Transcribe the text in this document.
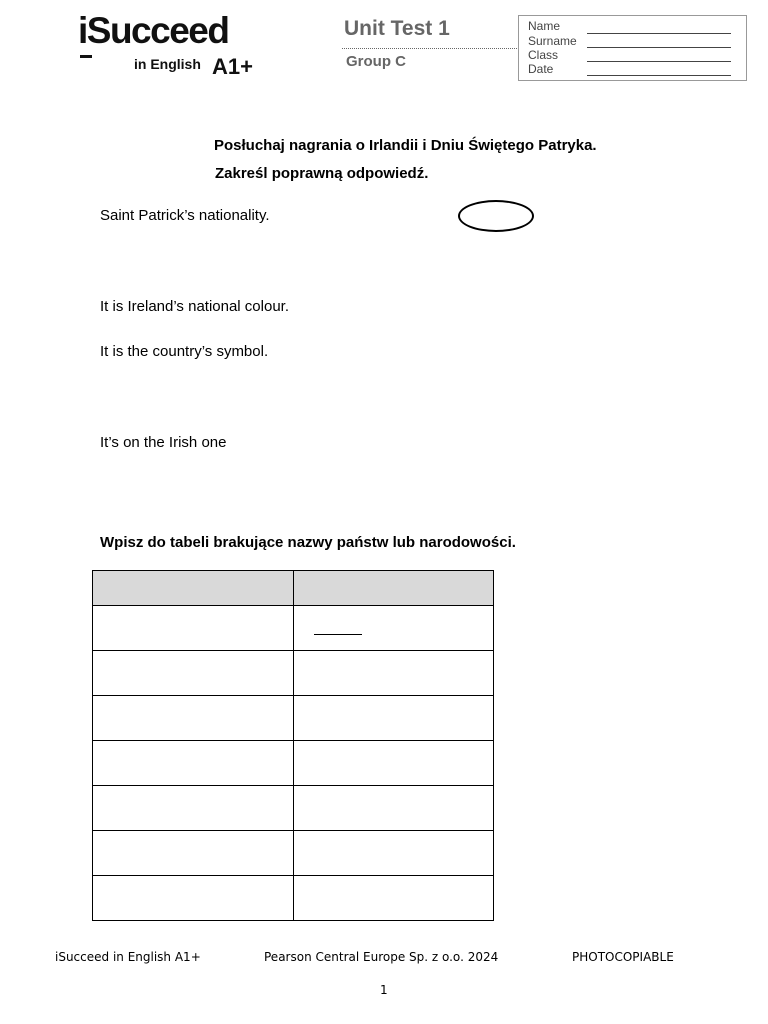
iSucceed
in English A1+
Unit Test 1
Group C
Name
Surname
Class
Date
Posłuchaj nagrania o Irlandii i Dniu Świętego Patryka.
Zakreśl poprawną odpowiedź.
Saint Patrick’s nationality.
It is Ireland’s national colour.
It is the country’s symbol.
It’s on the Irish one
Wpisz do tabeli brakujące nazwy państw lub narodowości.

iSucceed in English A1+	Pearson Central Europe Sp. z o.o. 2024	PHOTOCOPIABLE
1
